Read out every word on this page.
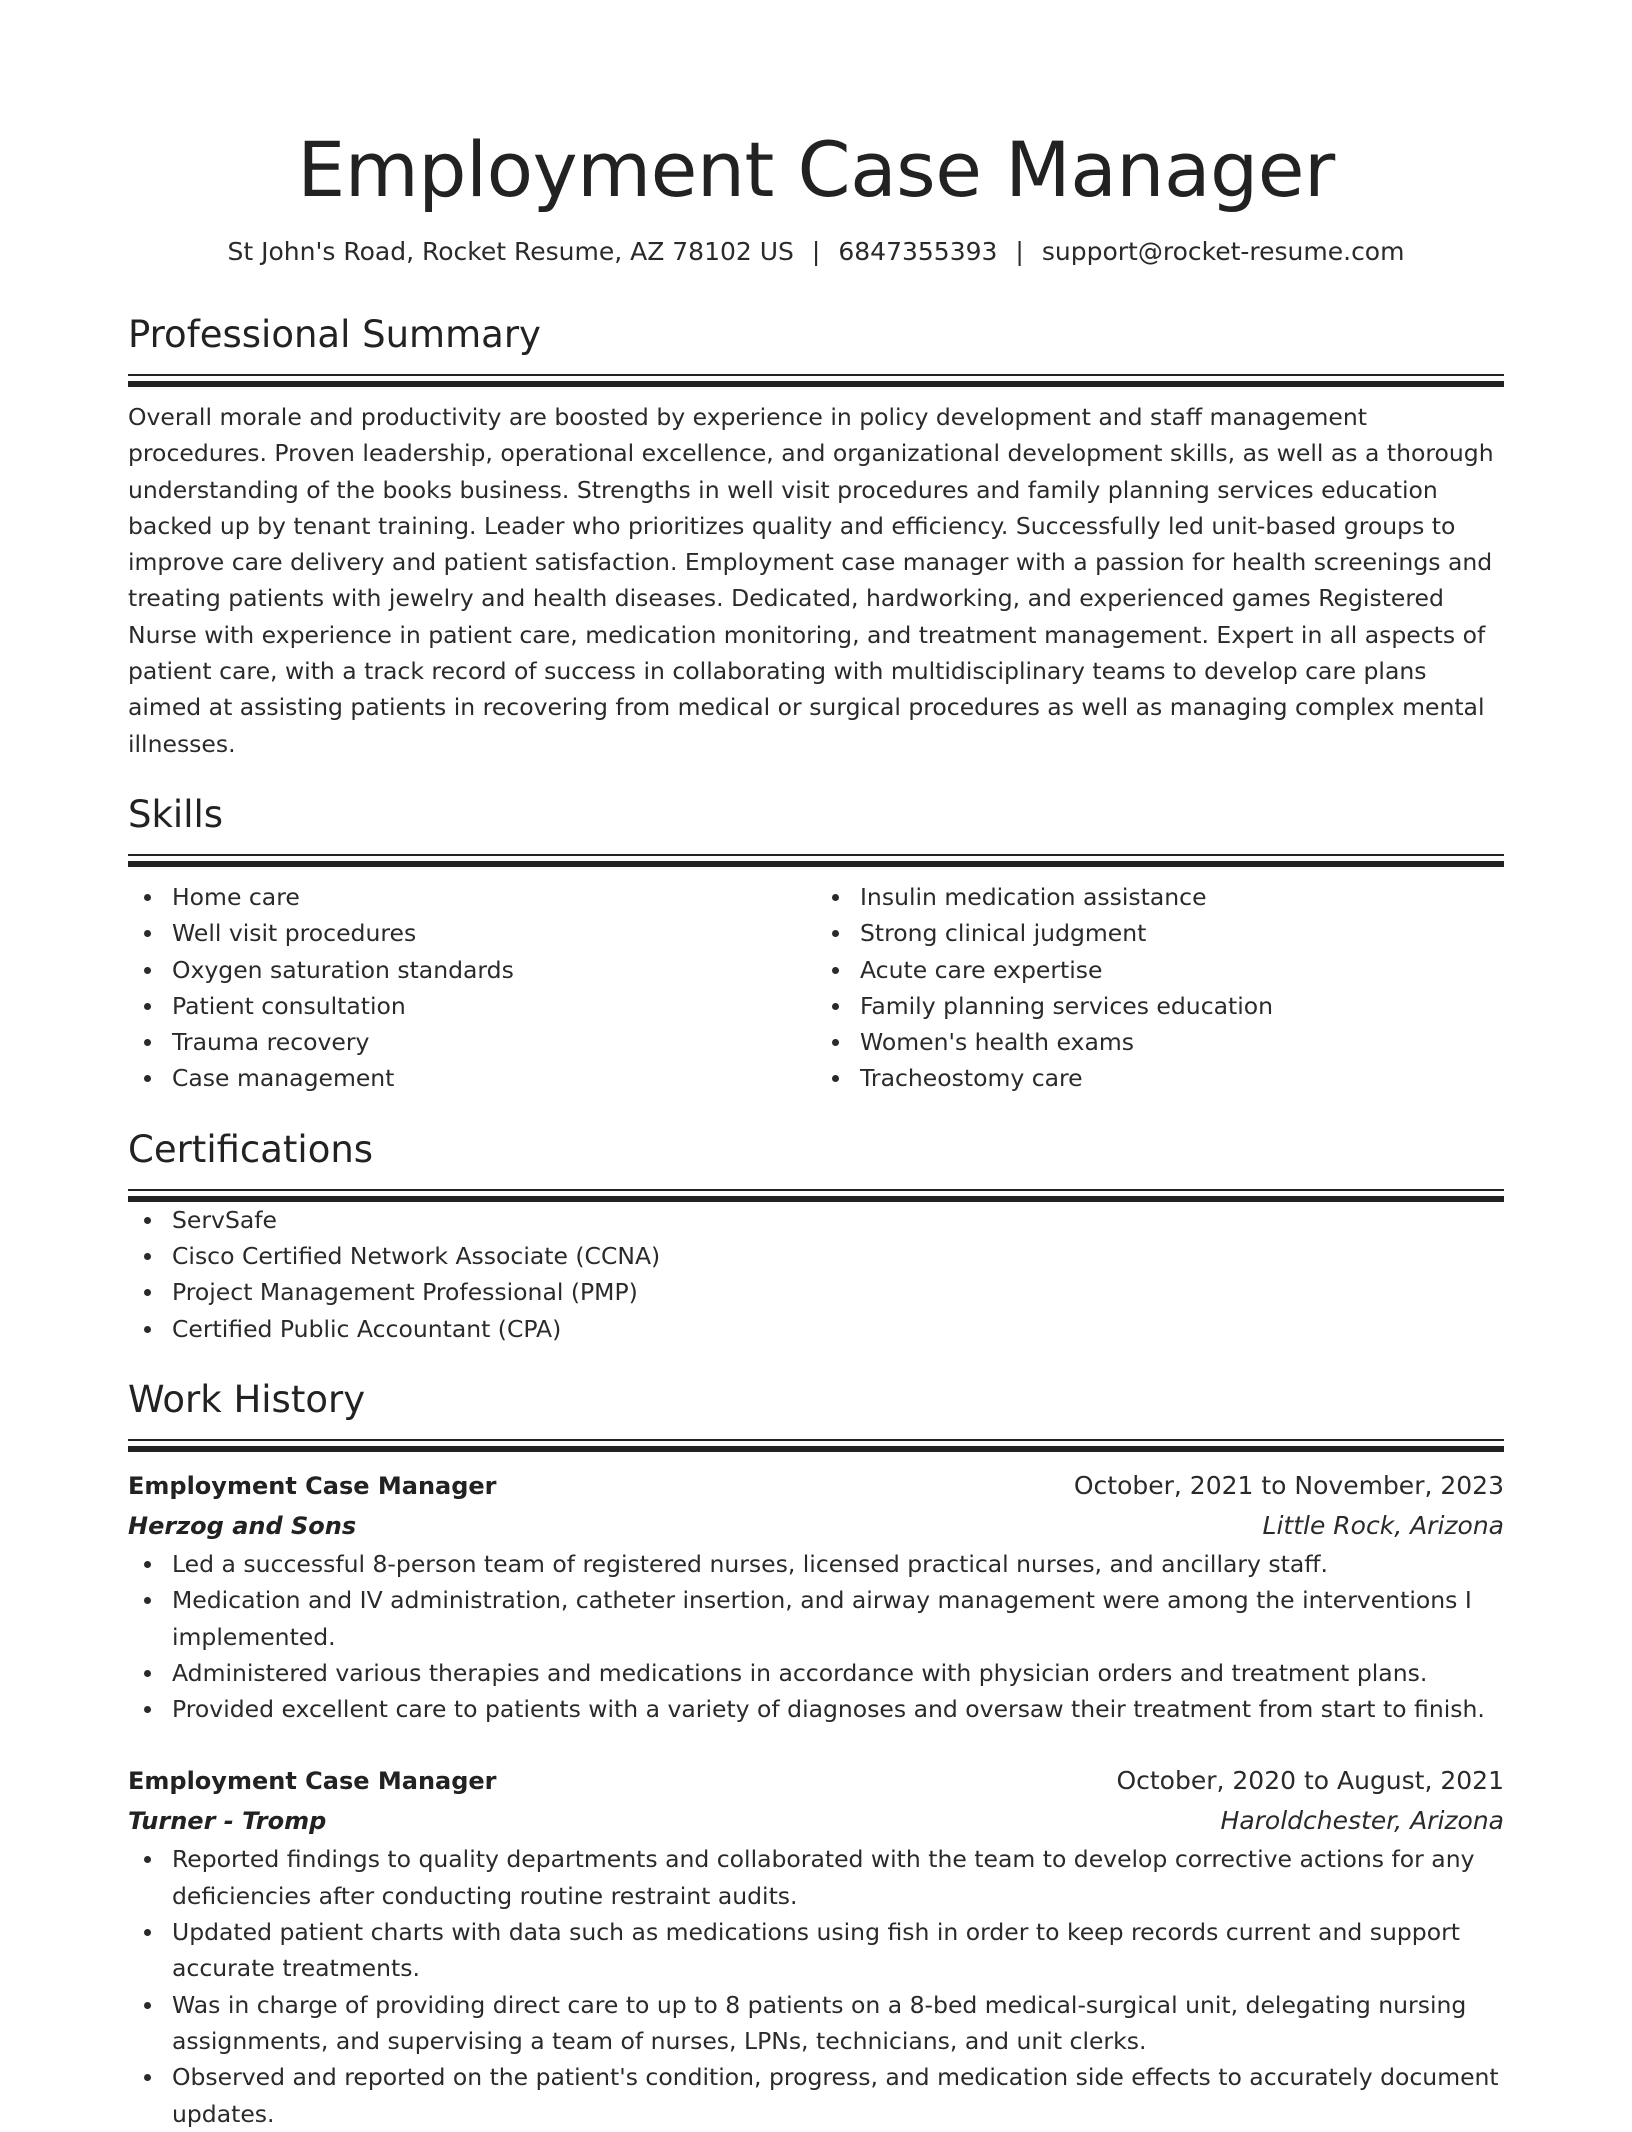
Employment Case Manager
St John's Road, Rocket Resume, AZ 78102 US | 6847355393 | support@rocket-resume.com
Professional Summary
Overall morale and productivity are boosted by experience in policy development and staff management procedures. Proven leadership, operational excellence, and organizational development skills, as well as a thorough understanding of the books business. Strengths in well visit procedures and family planning services education backed up by tenant training. Leader who prioritizes quality and efficiency. Successfully led unit-based groups to improve care delivery and patient satisfaction. Employment case manager with a passion for health screenings and treating patients with jewelry and health diseases. Dedicated, hardworking, and experienced games Registered Nurse with experience in patient care, medication monitoring, and treatment management. Expert in all aspects of patient care, with a track record of success in collaborating with multidisciplinary teams to develop care plans aimed at assisting patients in recovering from medical or surgical procedures as well as managing complex mental illnesses.
Skills
Home care
Well visit procedures
Oxygen saturation standards
Patient consultation
Trauma recovery
Case management
Insulin medication assistance
Strong clinical judgment
Acute care expertise
Family planning services education
Women's health exams
Tracheostomy care
Certifications
ServSafe
Cisco Certified Network Associate (CCNA)
Project Management Professional (PMP)
Certified Public Accountant (CPA)
Work History
Employment Case Manager	October, 2021 to November, 2023
Herzog and Sons	Little Rock, Arizona
Led a successful 8-person team of registered nurses, licensed practical nurses, and ancillary staff.
Medication and IV administration, catheter insertion, and airway management were among the interventions I implemented.
Administered various therapies and medications in accordance with physician orders and treatment plans.
Provided excellent care to patients with a variety of diagnoses and oversaw their treatment from start to finish.
Employment Case Manager	October, 2020 to August, 2021
Turner - Tromp	Haroldchester, Arizona
Reported findings to quality departments and collaborated with the team to develop corrective actions for any deficiencies after conducting routine restraint audits.
Updated patient charts with data such as medications using fish in order to keep records current and support accurate treatments.
Was in charge of providing direct care to up to 8 patients on a 8-bed medical-surgical unit, delegating nursing assignments, and supervising a team of nurses, LPNs, technicians, and unit clerks.
Observed and reported on the patient's condition, progress, and medication side effects to accurately document updates.
